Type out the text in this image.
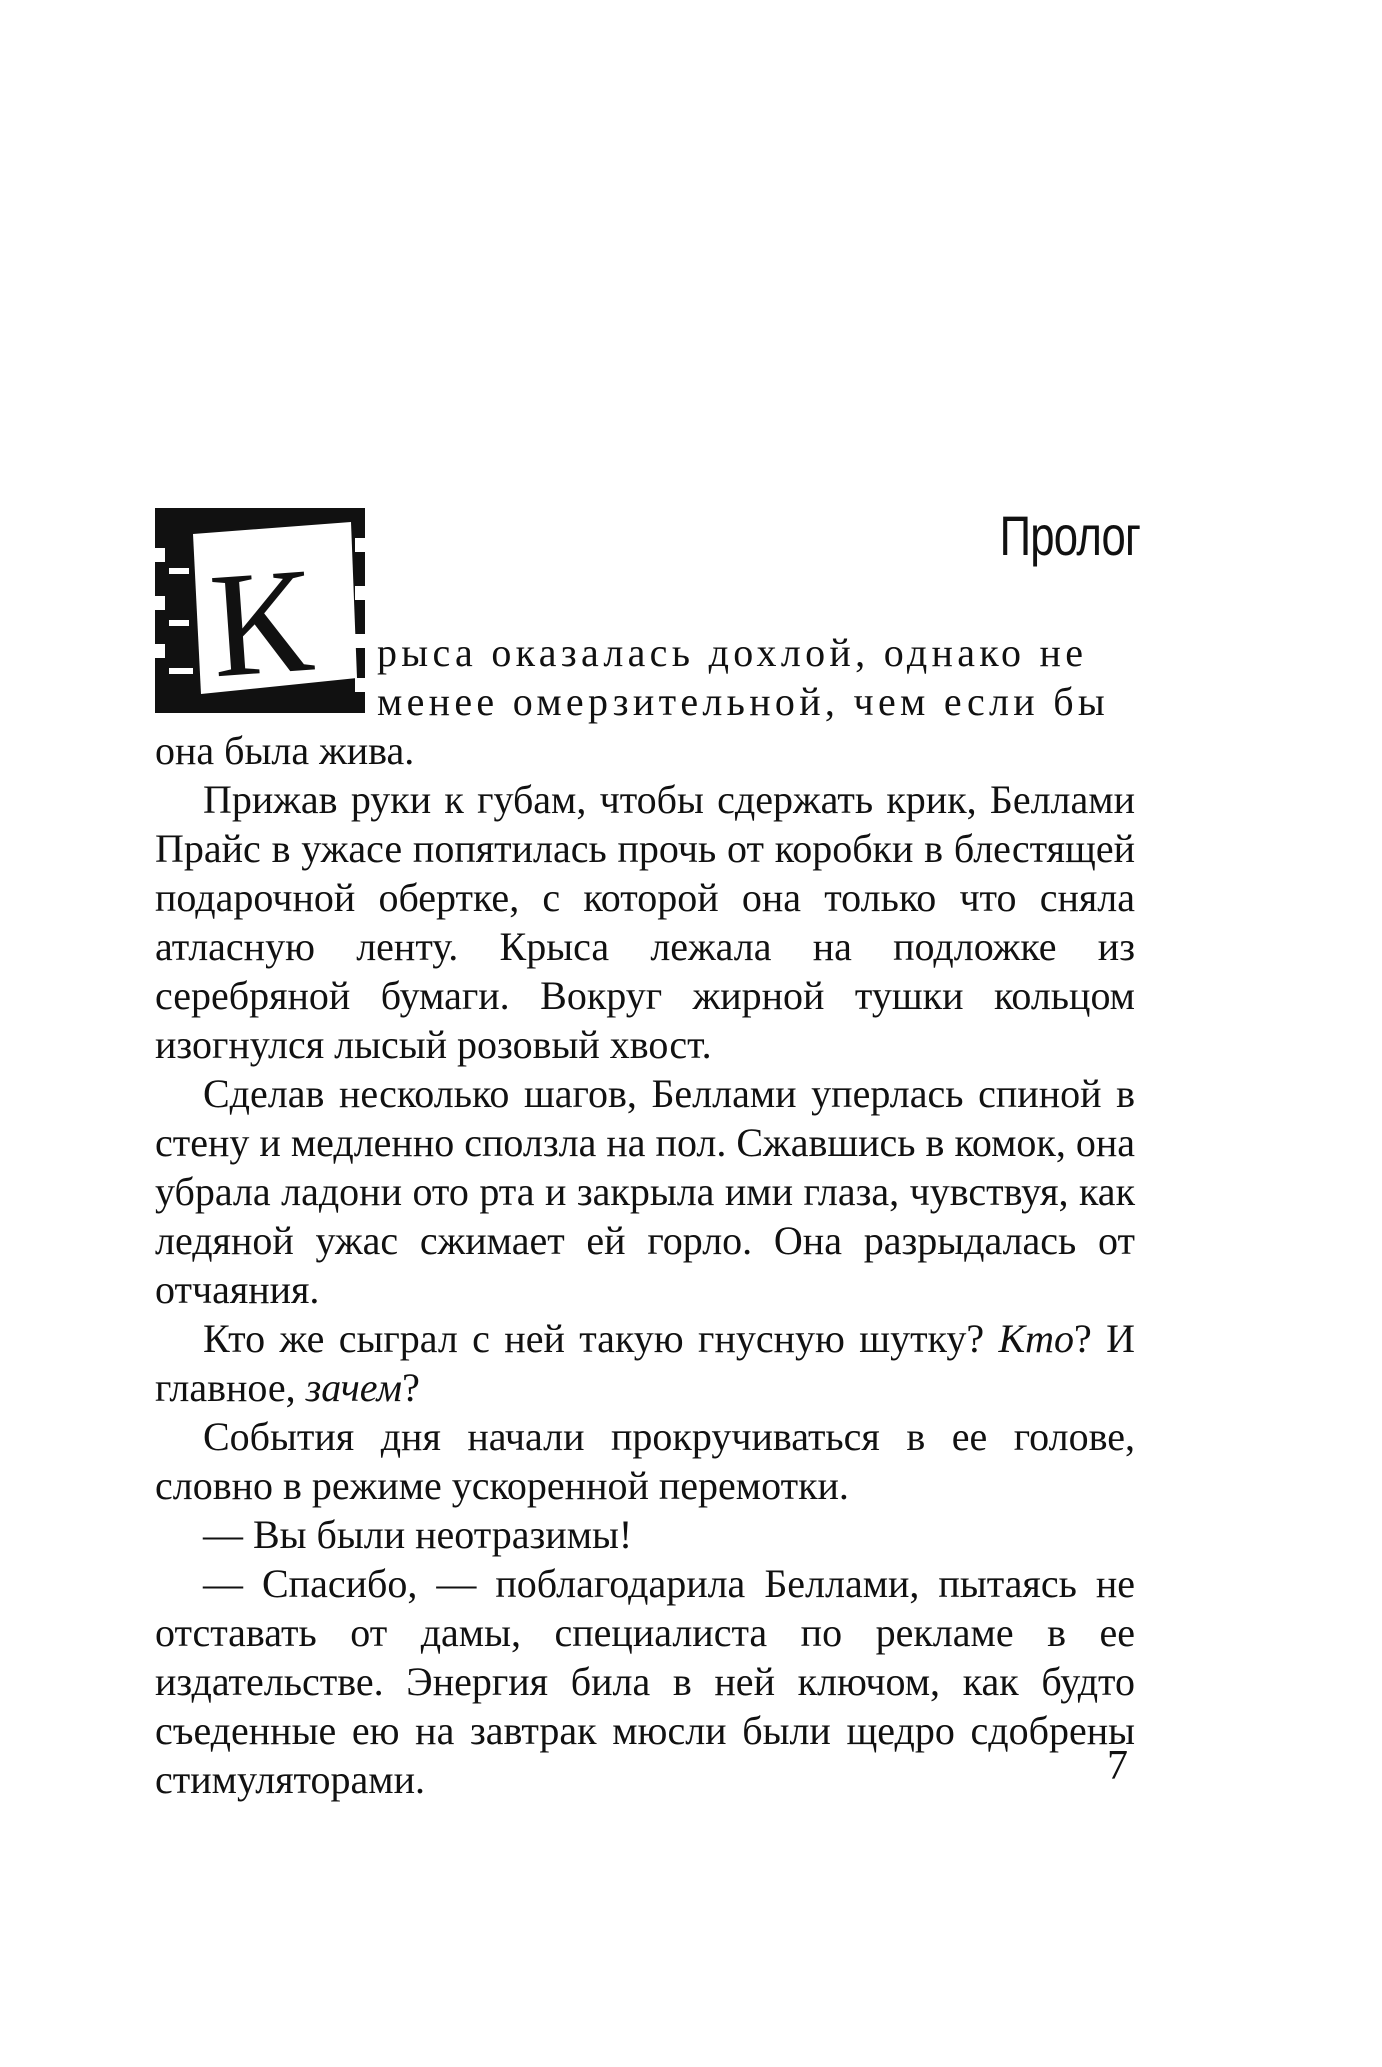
Пролог
К	рыса оказалась дохлой, однако не
менее омерзительной, чем если бы

она была жива.

Прижав руки к губам, чтобы сдержать крик, Беллами Прайс в ужасе попятилась прочь от коробки в блестящей подарочной обертке, с которой она только что сняла атласную ленту. Крыса лежала на подложке из серебряной бумаги. Вокруг жирной тушки кольцом изогнулся лысый розовый хвост.

Сделав несколько шагов, Беллами уперлась спиной в стену и медленно сползла на пол. Сжавшись в комок, она убрала ладони ото рта и закрыла ими глаза, чувствуя, как ледяной ужас сжимает ей горло. Она разрыдалась от отчаяния.

Кто же сыграл с ней такую гнусную шутку? Кто? И главное, зачем?

События дня начали прокручиваться в ее голове, словно в режиме ускоренной перемотки.

— Вы были неотразимы!

— Спасибо, — поблагодарила Беллами, пытаясь не отставать от дамы, специалиста по рекламе в ее издательстве. Энергия била в ней ключом, как будто съеденные ею на завтрак мюсли были щедро сдобрены стимуляторами.	7
